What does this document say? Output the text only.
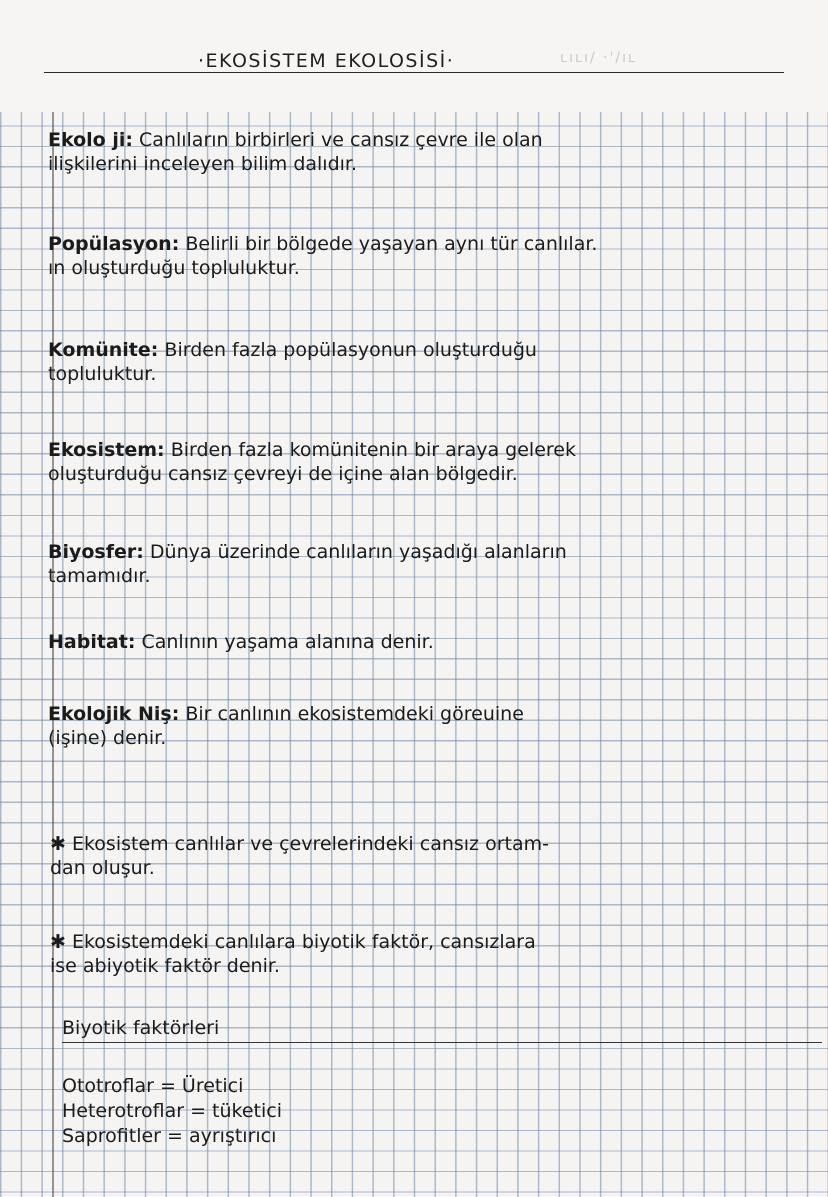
·EKOSİSTEM EKOLOSİSİ·	ʟıʟı/ ·'/ıʟ
Ekolo ji: Canlıların birbirleri ve cansız çevre ile olan
ilişkilerini inceleyen bilim dalıdır.
Popülasyon: Belirli bir bölgede yaşayan aynı tür canlılar.
ın oluşturduğu topluluktur.
Komünite: Birden fazla popülasyonun oluşturduğu
topluluktur.
Ekosistem: Birden fazla komünitenin bir araya gelerek
oluşturduğu cansız çevreyi de içine alan bölgedir.
Biyosfer: Dünya üzerinde canlıların yaşadığı alanların
tamamıdır.
Habitat: Canlının yaşama alanına denir.
Ekolojik Niş: Bir canlının ekosistemdeki göreuine
(işine) denir.
✱ Ekosistem canlılar ve çevrelerindeki cansız ortam-
dan oluşur.
✱ Ekosistemdeki canlılara biyotik faktör, cansızlara
ise abiyotik faktör denir.
Biyotik faktörleri
Ototroflar = Üretici
Heterotroflar = tüketici
Saprofitler = ayrıştırıcı
